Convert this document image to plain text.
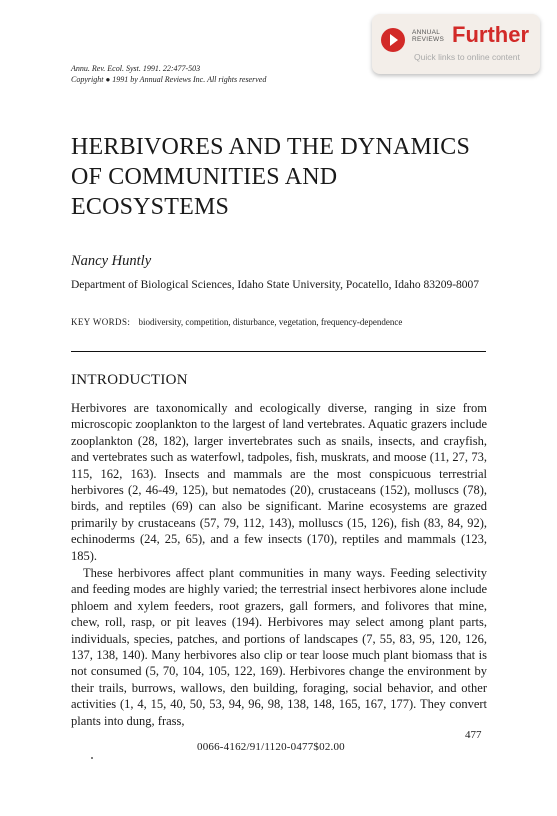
ANNUAL REVIEWS Further
Quick links to online content
Annu. Rev. Ecol. Syst. 1991. 22:477-503
Copyright ● 1991 by Annual Reviews Inc. All rights reserved
HERBIVORES AND THE DYNAMICS OF COMMUNITIES AND ECOSYSTEMS
Nancy Huntly
Department of Biological Sciences, Idaho State University, Pocatello, Idaho 83209-8007
KEY WORDS: biodiversity, competition, disturbance, vegetation, frequency-dependence
INTRODUCTION

Herbivores are taxonomically and ecologically diverse, ranging in size from microscopic zooplankton to the largest of land vertebrates. Aquatic grazers include zooplankton (28, 182), larger invertebrates such as snails, insects, and crayfish, and vertebrates such as waterfowl, tadpoles, fish, muskrats, and moose (11, 27, 73, 115, 162, 163). Insects and mammals are the most conspicuous terrestrial herbivores (2, 46-49, 125), but nematodes (20), crustaceans (152), molluscs (78), birds, and reptiles (69) can also be significant. Marine ecosystems are grazed primarily by crustaceans (57, 79, 112, 143), molluscs (15, 126), fish (83, 84, 92), echinoderms (24, 25, 65), and a few insects (170), reptiles and mammals (123, 185).

These herbivores affect plant communities in many ways. Feeding selectivity and feeding modes are highly varied; the terrestrial insect herbivores alone include phloem and xylem feeders, root grazers, gall formers, and folivores that mine, chew, roll, rasp, or pit leaves (194). Herbivores may select among plant parts, individuals, species, patches, and portions of landscapes (7, 55, 83, 95, 120, 126, 137, 138, 140). Many herbivores also clip or tear loose much plant biomass that is not consumed (5, 70, 104, 105, 122, 169). Herbivores change the environment by their trails, burrows, wallows, den building, foraging, social behavior, and other activities (1, 4, 15, 40, 50, 53, 94, 96, 98, 138, 148, 165, 167, 177). They convert plants into dung, frass,

477
0066-4162/91/1120-0477$02.00
